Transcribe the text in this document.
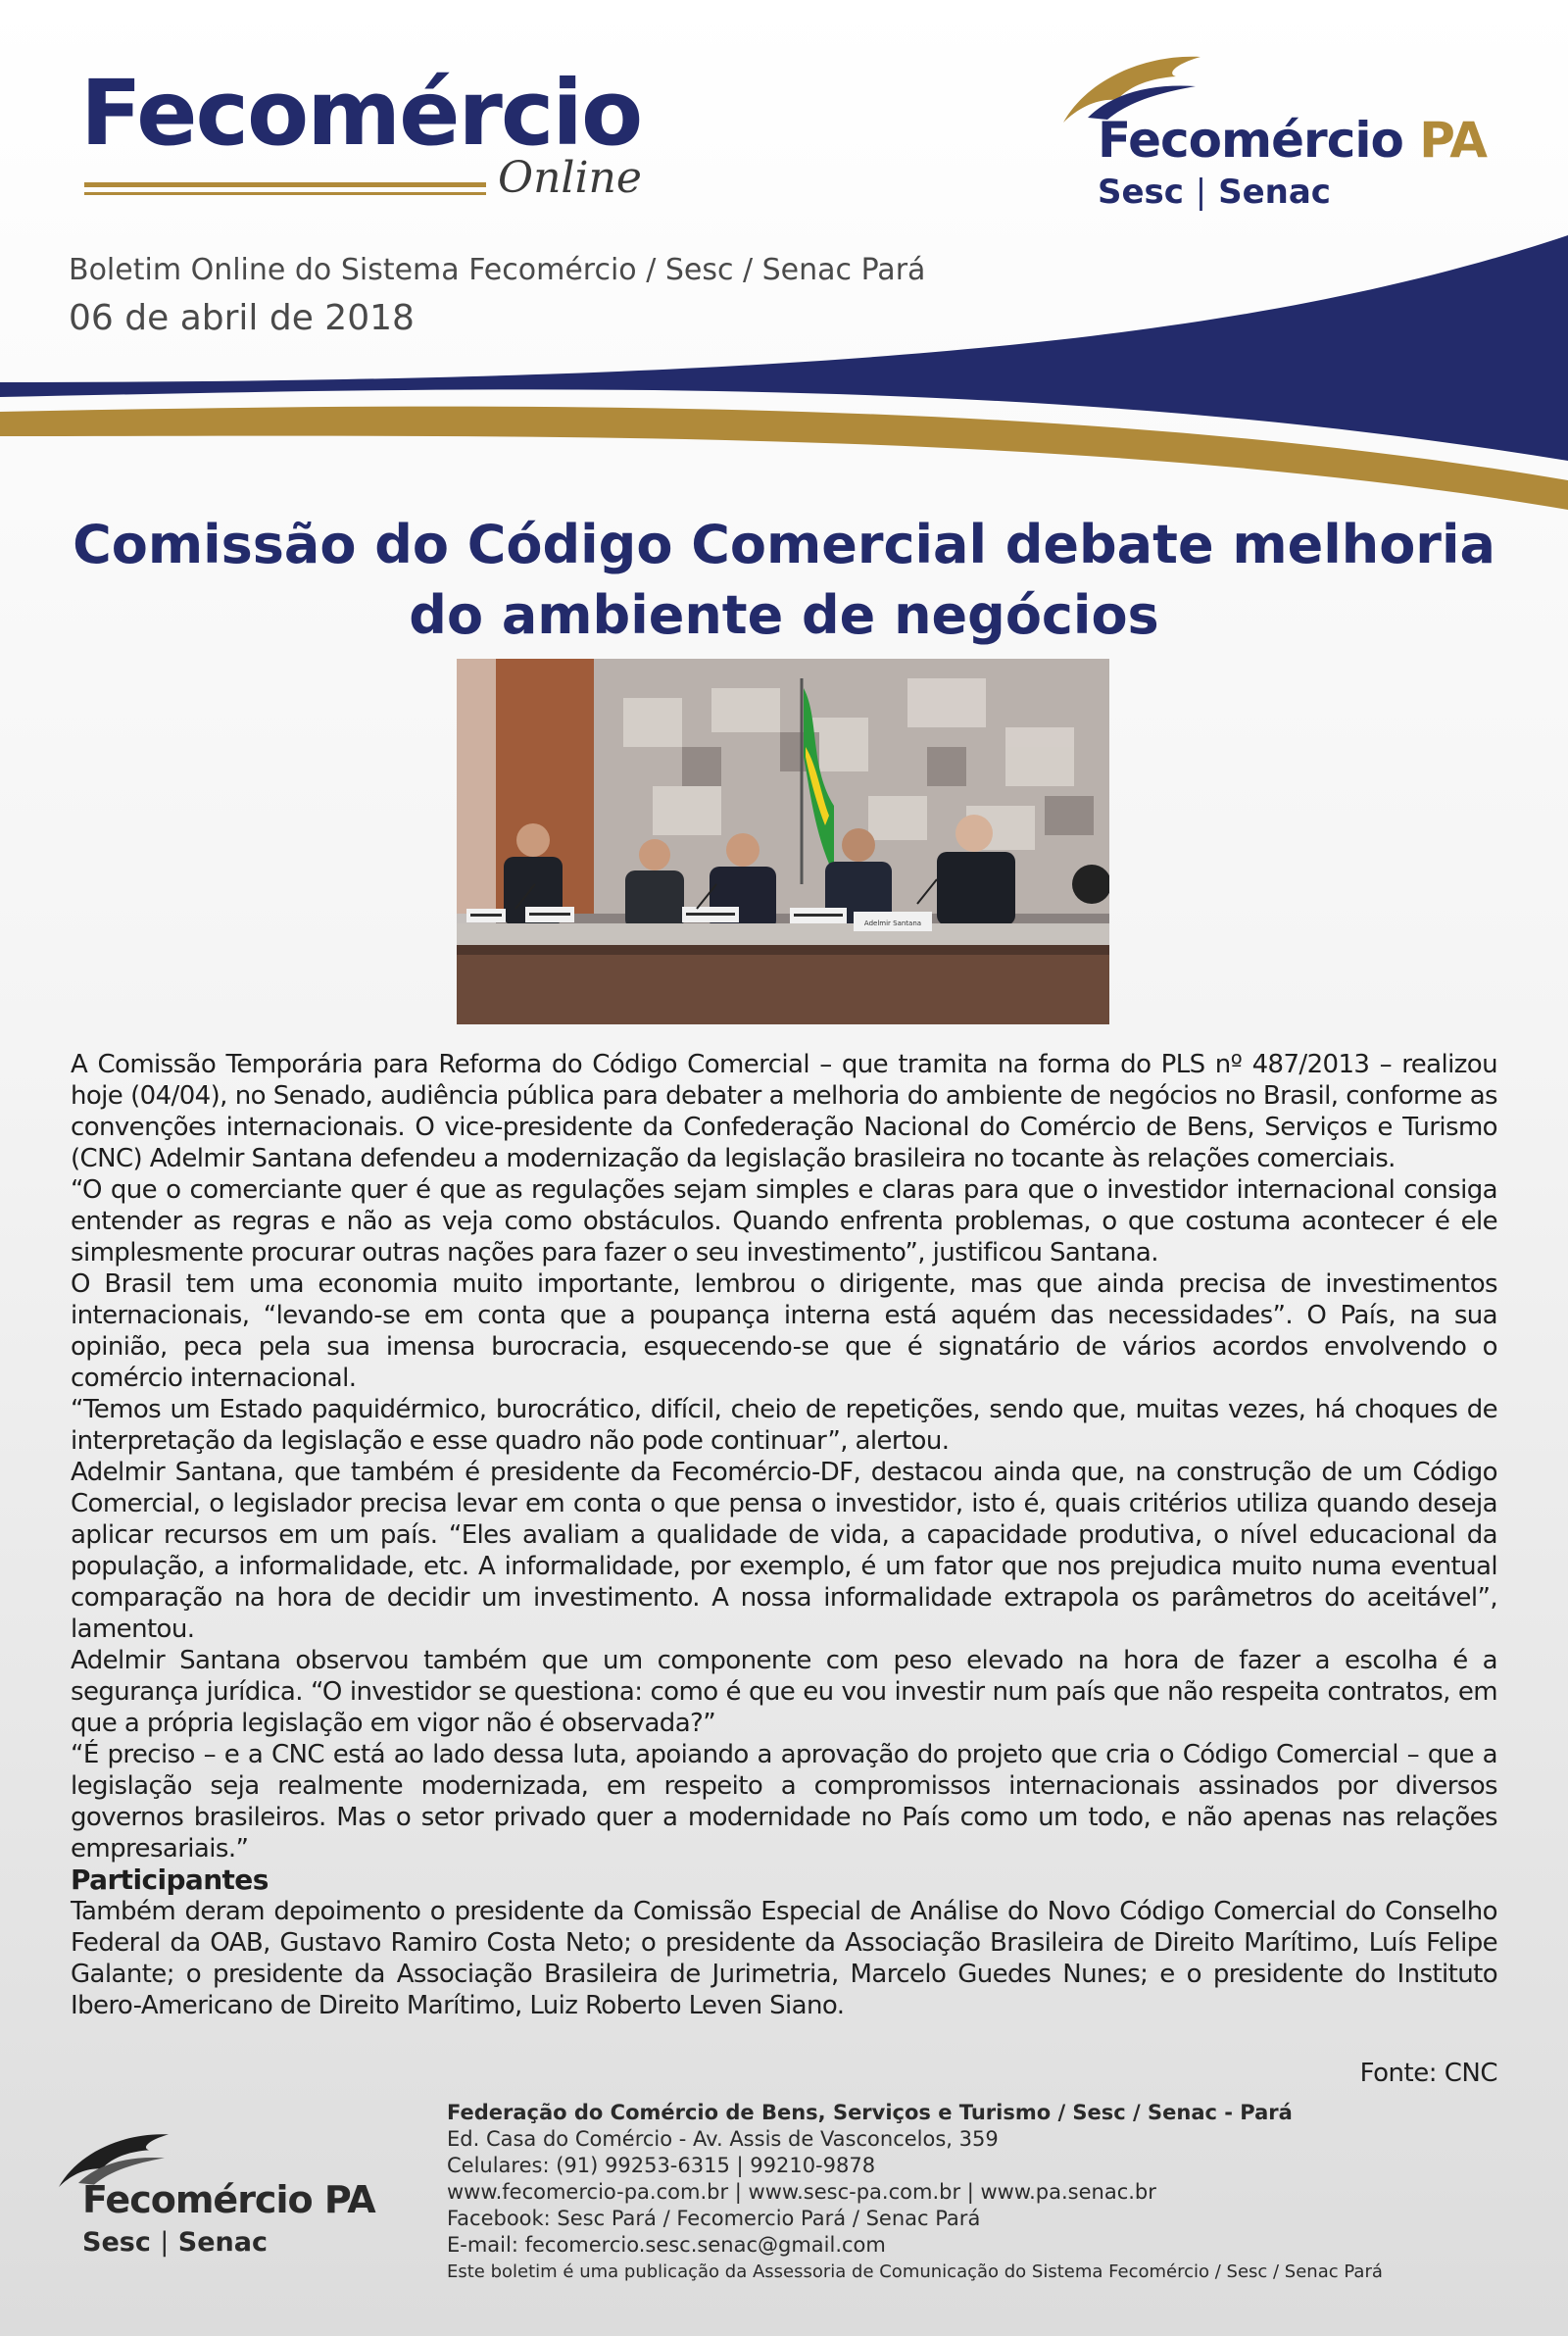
Fecomércio
Online
Boletim Online do Sistema Fecomércio / Sesc / Senac Pará
06 de abril de 2018
Fecomércio PA
Sesc | Senac
Comissão do Código Comercial debate melhoria
do ambiente de negócios
Adelmir Santana

A Comissão Temporária para Reforma do Código Comercial – que tramita na forma do PLS nº 487/2013 – realizou hoje (04/04), no Senado, audiência pública para debater a melhoria do ambiente de negócios no Brasil, conforme as convenções internacionais. O vice-presidente da Confederação Nacional do Comércio de Bens, Serviços e Turismo (CNC) Adelmir Santana defendeu a modernização da legislação brasileira no tocante às relações comerciais.

“O que o comerciante quer é que as regulações sejam simples e claras para que o investidor internacional consiga entender as regras e não as veja como obstáculos. Quando enfrenta problemas, o que costuma acontecer é ele simplesmente procurar outras nações para fazer o seu investimento”, justificou Santana.

O Brasil tem uma economia muito importante, lembrou o dirigente, mas que ainda precisa de investimentos internacionais, “levando-se em conta que a poupança interna está aquém das necessidades”. O País, na sua opinião, peca pela sua imensa burocracia, esquecendo-se que é signatário de vários acordos envolvendo o comércio internacional.

“Temos um Estado paquidérmico, burocrático, difícil, cheio de repetições, sendo que, muitas vezes, há choques de interpretação da legislação e esse quadro não pode continuar”, alertou.

Adelmir Santana, que também é presidente da Fecomércio-DF, destacou ainda que, na construção de um Código Comercial, o legislador precisa levar em conta o que pensa o investidor, isto é, quais critérios utiliza quando deseja aplicar recursos em um país. “Eles avaliam a qualidade de vida, a capacidade produtiva, o nível educacional da população, a informalidade, etc. A informalidade, por exemplo, é um fator que nos prejudica muito numa eventual comparação na hora de decidir um investimento. A nossa informalidade extrapola os parâmetros do aceitável”, lamentou.

Adelmir Santana observou também que um componente com peso elevado na hora de fazer a escolha é a segurança jurídica. “O investidor se questiona: como é que eu vou investir num país que não respeita contratos, em que a própria legislação em vigor não é observada?”

“É preciso – e a CNC está ao lado dessa luta, apoiando a aprovação do projeto que cria o Código Comercial – que a legislação seja realmente modernizada, em respeito a compromissos internacionais assinados por diversos governos brasileiros. Mas o setor privado quer a modernidade no País como um todo, e não apenas nas relações empresariais.”

Participantes

Também deram depoimento o presidente da Comissão Especial de Análise do Novo Código Comercial do Conselho Federal da OAB, Gustavo Ramiro Costa Neto; o presidente da Associação Brasileira de Direito Marítimo, Luís Felipe Galante; o presidente da Associação Brasileira de Jurimetria, Marcelo Guedes Nunes; e o presidente do Instituto Ibero-Americano de Direito Marítimo, Luiz Roberto Leven Siano.

Fonte: CNC
Fecomércio PA
Sesc | Senac
Federação do Comércio de Bens, Serviços e Turismo / Sesc / Senac - Pará
Ed. Casa do Comércio - Av. Assis de Vasconcelos, 359
Celulares: (91) 99253-6315 | 99210-9878
www.fecomercio-pa.com.br | www.sesc-pa.com.br | www.pa.senac.br
Facebook: Sesc Pará / Fecomercio Pará / Senac Pará
E-mail: fecomercio.sesc.senac@gmail.com
Este boletim é uma publicação da Assessoria de Comunicação do Sistema Fecomércio / Sesc / Senac Pará
